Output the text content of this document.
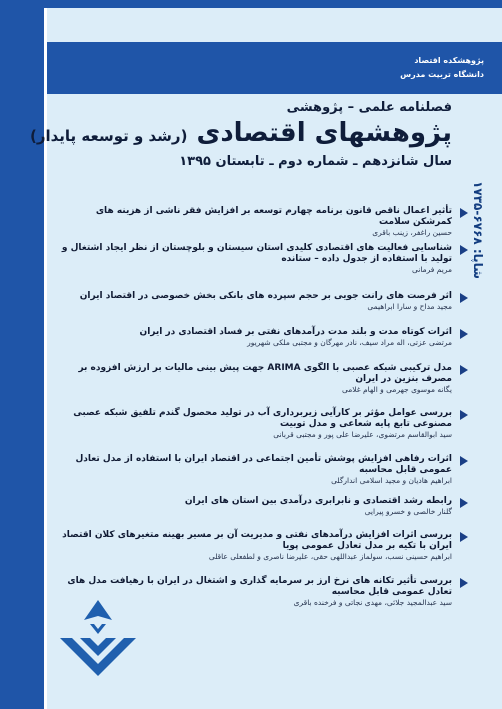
پژوهشکده اقتصاد
دانشگاه تربیت مدرس
شاپا: ۶۷۶۸-۱۷۳۵
فصلنامه علمی – پژوهشی
پژوهشهای اقتصادی (رشد و توسعه پایدار)
سال شانزدهم ـ شماره دوم ـ تابستان ۱۳۹۵
تأثیر اعمال ناقص قانون برنامه چهارم توسعه بر افزایش فقر ناشی از هزینه های کمرشکن سلامت
حسین راغفر، زینب باقری
شناسایی فعالیت های اقتصادی کلیدی استان سیستان و بلوچستان از نظر ایجاد اشتغال و تولید با استفاده از جدول داده – ستانده
مریم فرمانی
اثر فرصت های رانت جویی بر حجم سپرده های بانکی بخش خصوصی در اقتصاد ایران
مجید مداح و سارا ابراهیمی
اثرات کوتاه مدت و بلند مدت درآمدهای نفتی بر فساد اقتصادی در ایران
مرتضی عزتی، اله مراد سیف، نادر مهرگان و مجتبی ملکی شهریور
مدل ترکیبی شبکه عصبی با الگوی ARIMA جهت پیش بینی مالیات بر ارزش افزوده بر مصرف بنزین در ایران
یگانه موسوی جهرمی و الهام غلامی
بررسی عوامل مؤثر بر کارآیی زیربرداری آب در تولید محصول گندم تلفیق شبکه عصبی مصنوعی تابع پایه شعاعی و مدل توبیت
سید ابوالقاسم مرتضوی، علیرضا علی پور و مجتبی قربانی
اثرات رفاهی افزایش پوشش تأمین اجتماعی در اقتصاد ایران با استفاده از مدل تعادل عمومی قابل محاسبه
ابراهیم هادیان و مجید اسلامی اندارگلی
رابطه رشد اقتصادی و نابرابری درآمدی بین استان های ایران
گلنار خالصی و خسرو پیرایی
بررسی اثرات افزایش درآمدهای نفتی و مدیریت آن بر مسیر بهینه متغیرهای کلان اقتصاد ایران با تکیه بر مدل تعادل عمومی پویا
ابراهیم حسینی نسب، سولماز عبداللهی حقی، علیرضا ناصری و لطفعلی عاقلی
بررسی تأثیر تکانه های نرخ ارز بر سرمایه گذاری و اشتغال در ایران با رهیافت مدل های تعادل عمومی قابل محاسبه
سید عبدالمجید جلائی، مهدی نجاتی و فرخنده باقری
